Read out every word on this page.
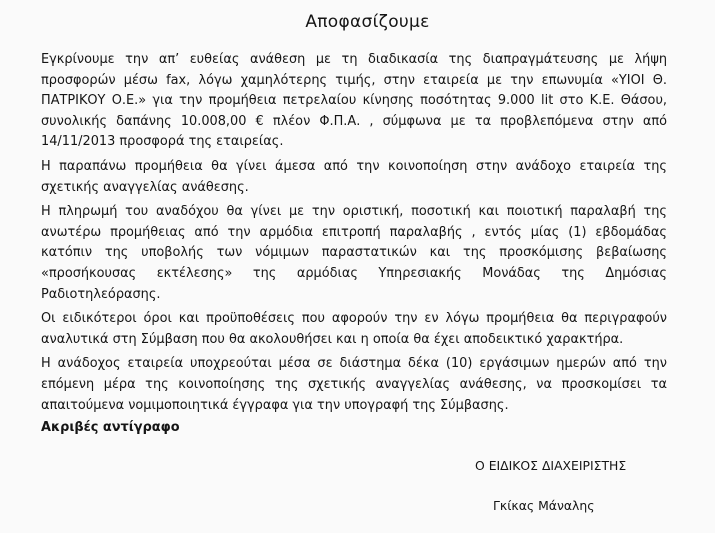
Αποφασίζουμε

Εγκρίνουμε την απ’ ευθείας ανάθεση με τη διαδικασία της διαπραγμάτευσης με λήψη
προσφορών μέσω fax, λόγω χαμηλότερης τιμής, στην εταιρεία με την επωνυμία «ΥΙΟΙ Θ.
ΠΑΤΡΙΚΟΥ Ο.Ε.» για την προμήθεια πετρελαίου κίνησης ποσότητας 9.000 lit στο Κ.Ε. Θάσου,
συνολικής δαπάνης 10.008,00 € πλέον Φ.Π.Α. , σύμφωνα με τα προβλεπόμενα στην από
14/11/2013 προσφορά της εταιρείας.

Η παραπάνω προμήθεια θα γίνει άμεσα από την κοινοποίηση στην ανάδοχο εταιρεία της
σχετικής αναγγελίας ανάθεσης.

Η πληρωμή του αναδόχου θα γίνει με την οριστική, ποσοτική και ποιοτική παραλαβή της
ανωτέρω προμήθειας από την αρμόδια επιτροπή παραλαβής , εντός μίας (1) εβδομάδας
κατόπιν της υποβολής των νόμιμων παραστατικών και της προσκόμισης βεβαίωσης
«προσήκουσας εκτέλεσης» της αρμόδιας Υπηρεσιακής Μονάδας της Δημόσιας
Ραδιοτηλεόρασης.

Οι ειδικότεροι όροι και προϋποθέσεις που αφορούν την εν λόγω προμήθεια θα περιγραφούν
αναλυτικά στη Σύμβαση που θα ακολουθήσει και η οποία θα έχει αποδεικτικό χαρακτήρα.

Η ανάδοχος εταιρεία υποχρεούται μέσα σε διάστημα δέκα (10) εργάσιμων ημερών από την
επόμενη μέρα της κοινοποίησης της σχετικής αναγγελίας ανάθεσης, να προσκομίσει τα
απαιτούμενα νομιμοποιητικά έγγραφα για την υπογραφή της Σύμβασης.

Ακριβές αντίγραφο
Ο ΕΙΔΙΚΟΣ ΔΙΑΧΕΙΡΙΣΤΗΣ
Γκίκας Μάναλης
